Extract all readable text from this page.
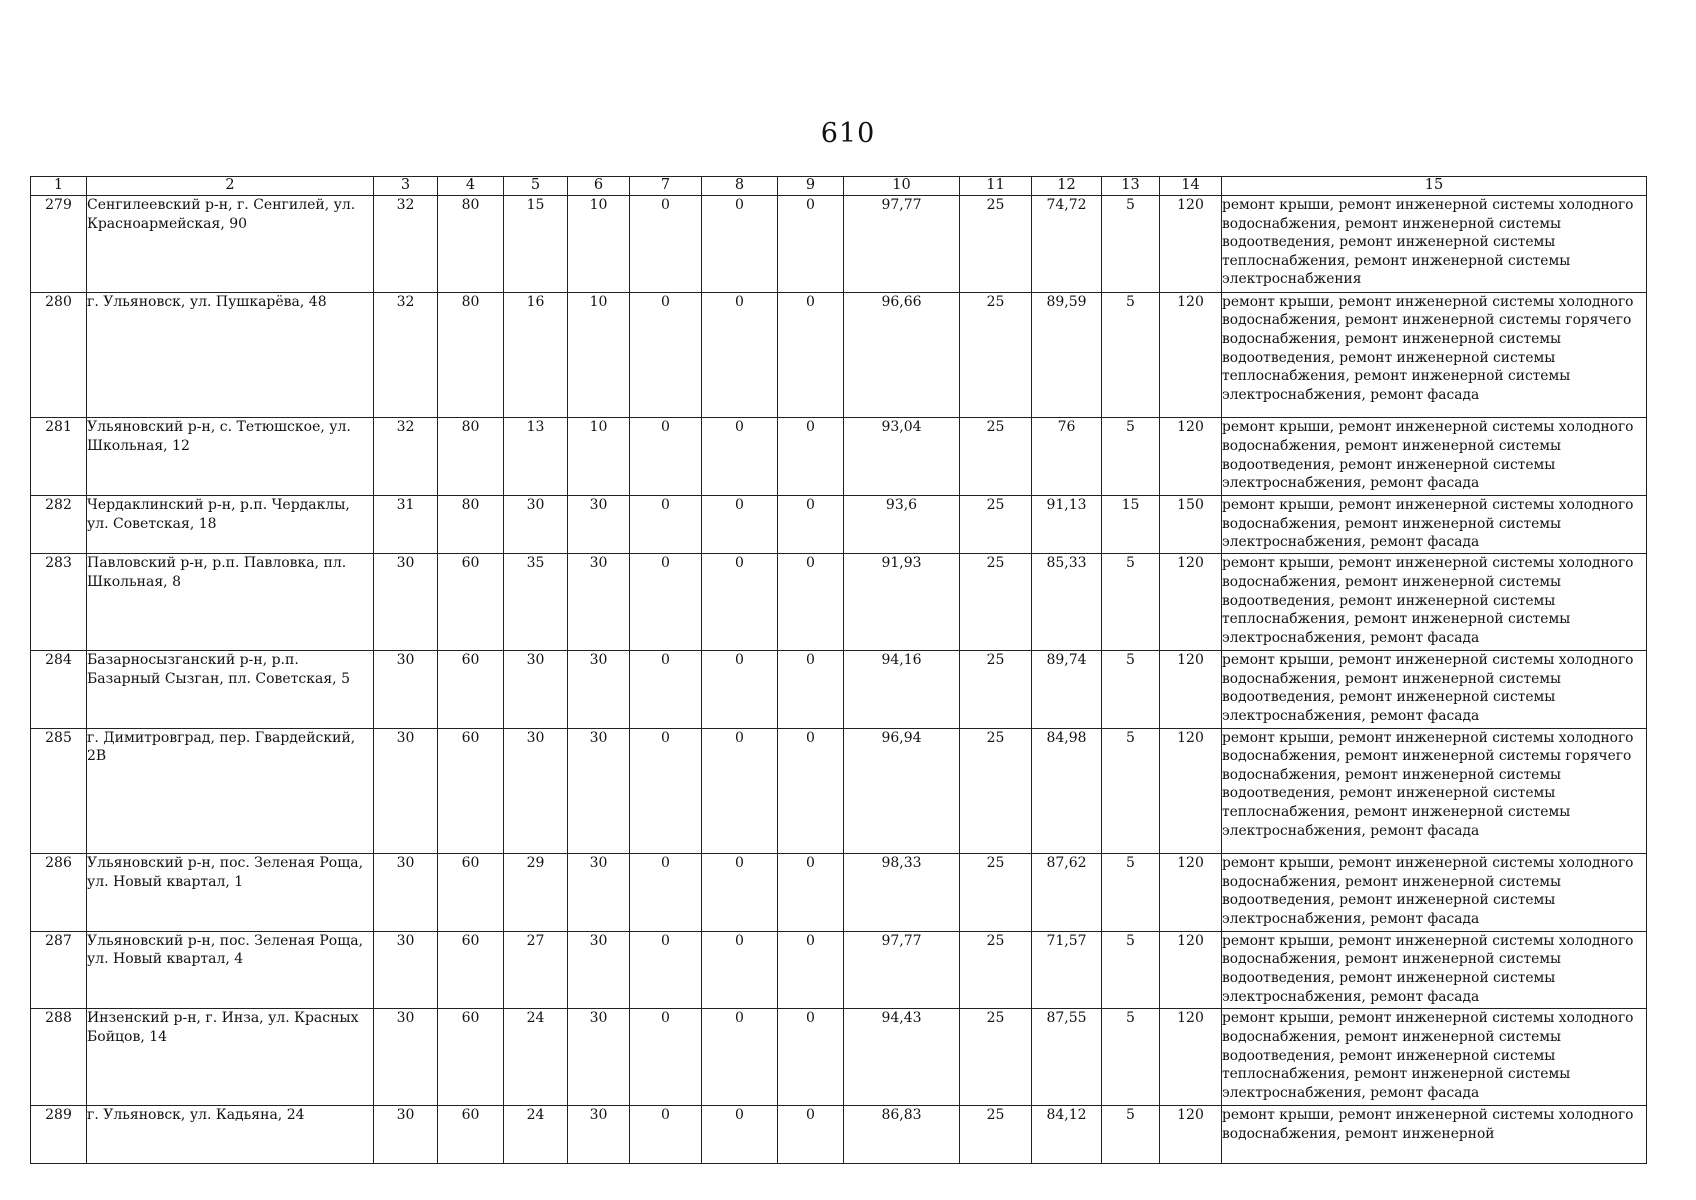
610
1	2	3	4	5	6	7	8	9	10	11	12	13	14	15
279	Сенгилеевский р-н, г. Сенгилей, ул. Красноармейская, 90	32	80	15	10	0	0	0	97,77	25	74,72	5	120	ремонт крыши, ремонт инженерной системы холодного водоснабжения, ремонт инженерной системы водоотведения, ремонт инженерной системы теплоснабжения, ремонт инженерной системы электроснабжения
280	г. Ульяновск, ул. Пушкарёва, 48	32	80	16	10	0	0	0	96,66	25	89,59	5	120	ремонт крыши, ремонт инженерной системы холодного водоснабжения, ремонт инженерной системы горячего водоснабжения, ремонт инженерной системы водоотведения, ремонт инженерной системы теплоснабжения, ремонт инженерной системы электроснабжения, ремонт фасада
281	Ульяновский р-н, с. Тетюшское, ул. Школьная, 12	32	80	13	10	0	0	0	93,04	25	76	5	120	ремонт крыши, ремонт инженерной системы холодного водоснабжения, ремонт инженерной системы водоотведения, ремонт инженерной системы электроснабжения, ремонт фасада
282	Чердаклинский р-н, р.п. Чердаклы, ул. Советская, 18	31	80	30	30	0	0	0	93,6	25	91,13	15	150	ремонт крыши, ремонт инженерной системы холодного водоснабжения, ремонт инженерной системы электроснабжения, ремонт фасада
283	Павловский р-н, р.п. Павловка, пл. Школьная, 8	30	60	35	30	0	0	0	91,93	25	85,33	5	120	ремонт крыши, ремонт инженерной системы холодного водоснабжения, ремонт инженерной системы водоотведения, ремонт инженерной системы теплоснабжения, ремонт инженерной системы электроснабжения, ремонт фасада
284	Базарносызганский р-н, р.п. Базарный Сызган, пл. Советская, 5	30	60	30	30	0	0	0	94,16	25	89,74	5	120	ремонт крыши, ремонт инженерной системы холодного водоснабжения, ремонт инженерной системы водоотведения, ремонт инженерной системы электроснабжения, ремонт фасада
285	г. Димитровград, пер. Гвардейский, 2В	30	60	30	30	0	0	0	96,94	25	84,98	5	120	ремонт крыши, ремонт инженерной системы холодного водоснабжения, ремонт инженерной системы горячего водоснабжения, ремонт инженерной системы водоотведения, ремонт инженерной системы теплоснабжения, ремонт инженерной системы электроснабжения, ремонт фасада
286	Ульяновский р-н, пос. Зеленая Роща, ул. Новый квартал, 1	30	60	29	30	0	0	0	98,33	25	87,62	5	120	ремонт крыши, ремонт инженерной системы холодного водоснабжения, ремонт инженерной системы водоотведения, ремонт инженерной системы электроснабжения, ремонт фасада
287	Ульяновский р-н, пос. Зеленая Роща, ул. Новый квартал, 4	30	60	27	30	0	0	0	97,77	25	71,57	5	120	ремонт крыши, ремонт инженерной системы холодного водоснабжения, ремонт инженерной системы водоотведения, ремонт инженерной системы электроснабжения, ремонт фасада
288	Инзенский р-н, г. Инза, ул. Красных Бойцов, 14	30	60	24	30	0	0	0	94,43	25	87,55	5	120	ремонт крыши, ремонт инженерной системы холодного водоснабжения, ремонт инженерной системы водоотведения, ремонт инженерной системы теплоснабжения, ремонт инженерной системы электроснабжения, ремонт фасада
289	г. Ульяновск, ул. Кадьяна, 24	30	60	24	30	0	0	0	86,83	25	84,12	5	120	ремонт крыши, ремонт инженерной системы холодного водоснабжения, ремонт инженерной
